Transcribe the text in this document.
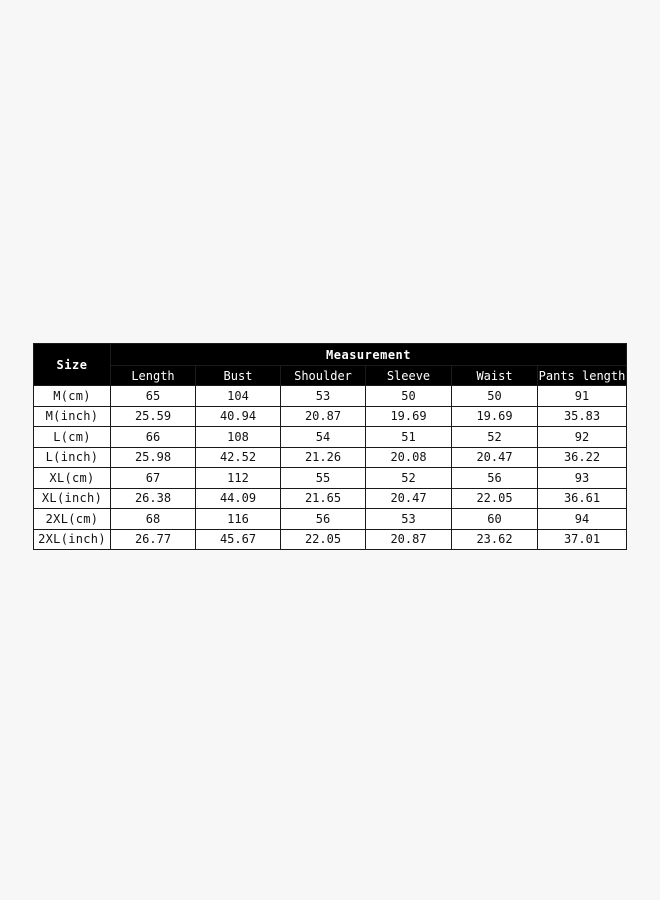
Size	Measurement					
	Length	Bust	Shoulder	Sleeve	Waist	Pants length
M(cm)	65	104	53	50	50	91
M(inch)	25.59	40.94	20.87	19.69	19.69	35.83
L(cm)	66	108	54	51	52	92
L(inch)	25.98	42.52	21.26	20.08	20.47	36.22
XL(cm)	67	112	55	52	56	93
XL(inch)	26.38	44.09	21.65	20.47	22.05	36.61
2XL(cm)	68	116	56	53	60	94
2XL(inch)	26.77	45.67	22.05	20.87	23.62	37.01
